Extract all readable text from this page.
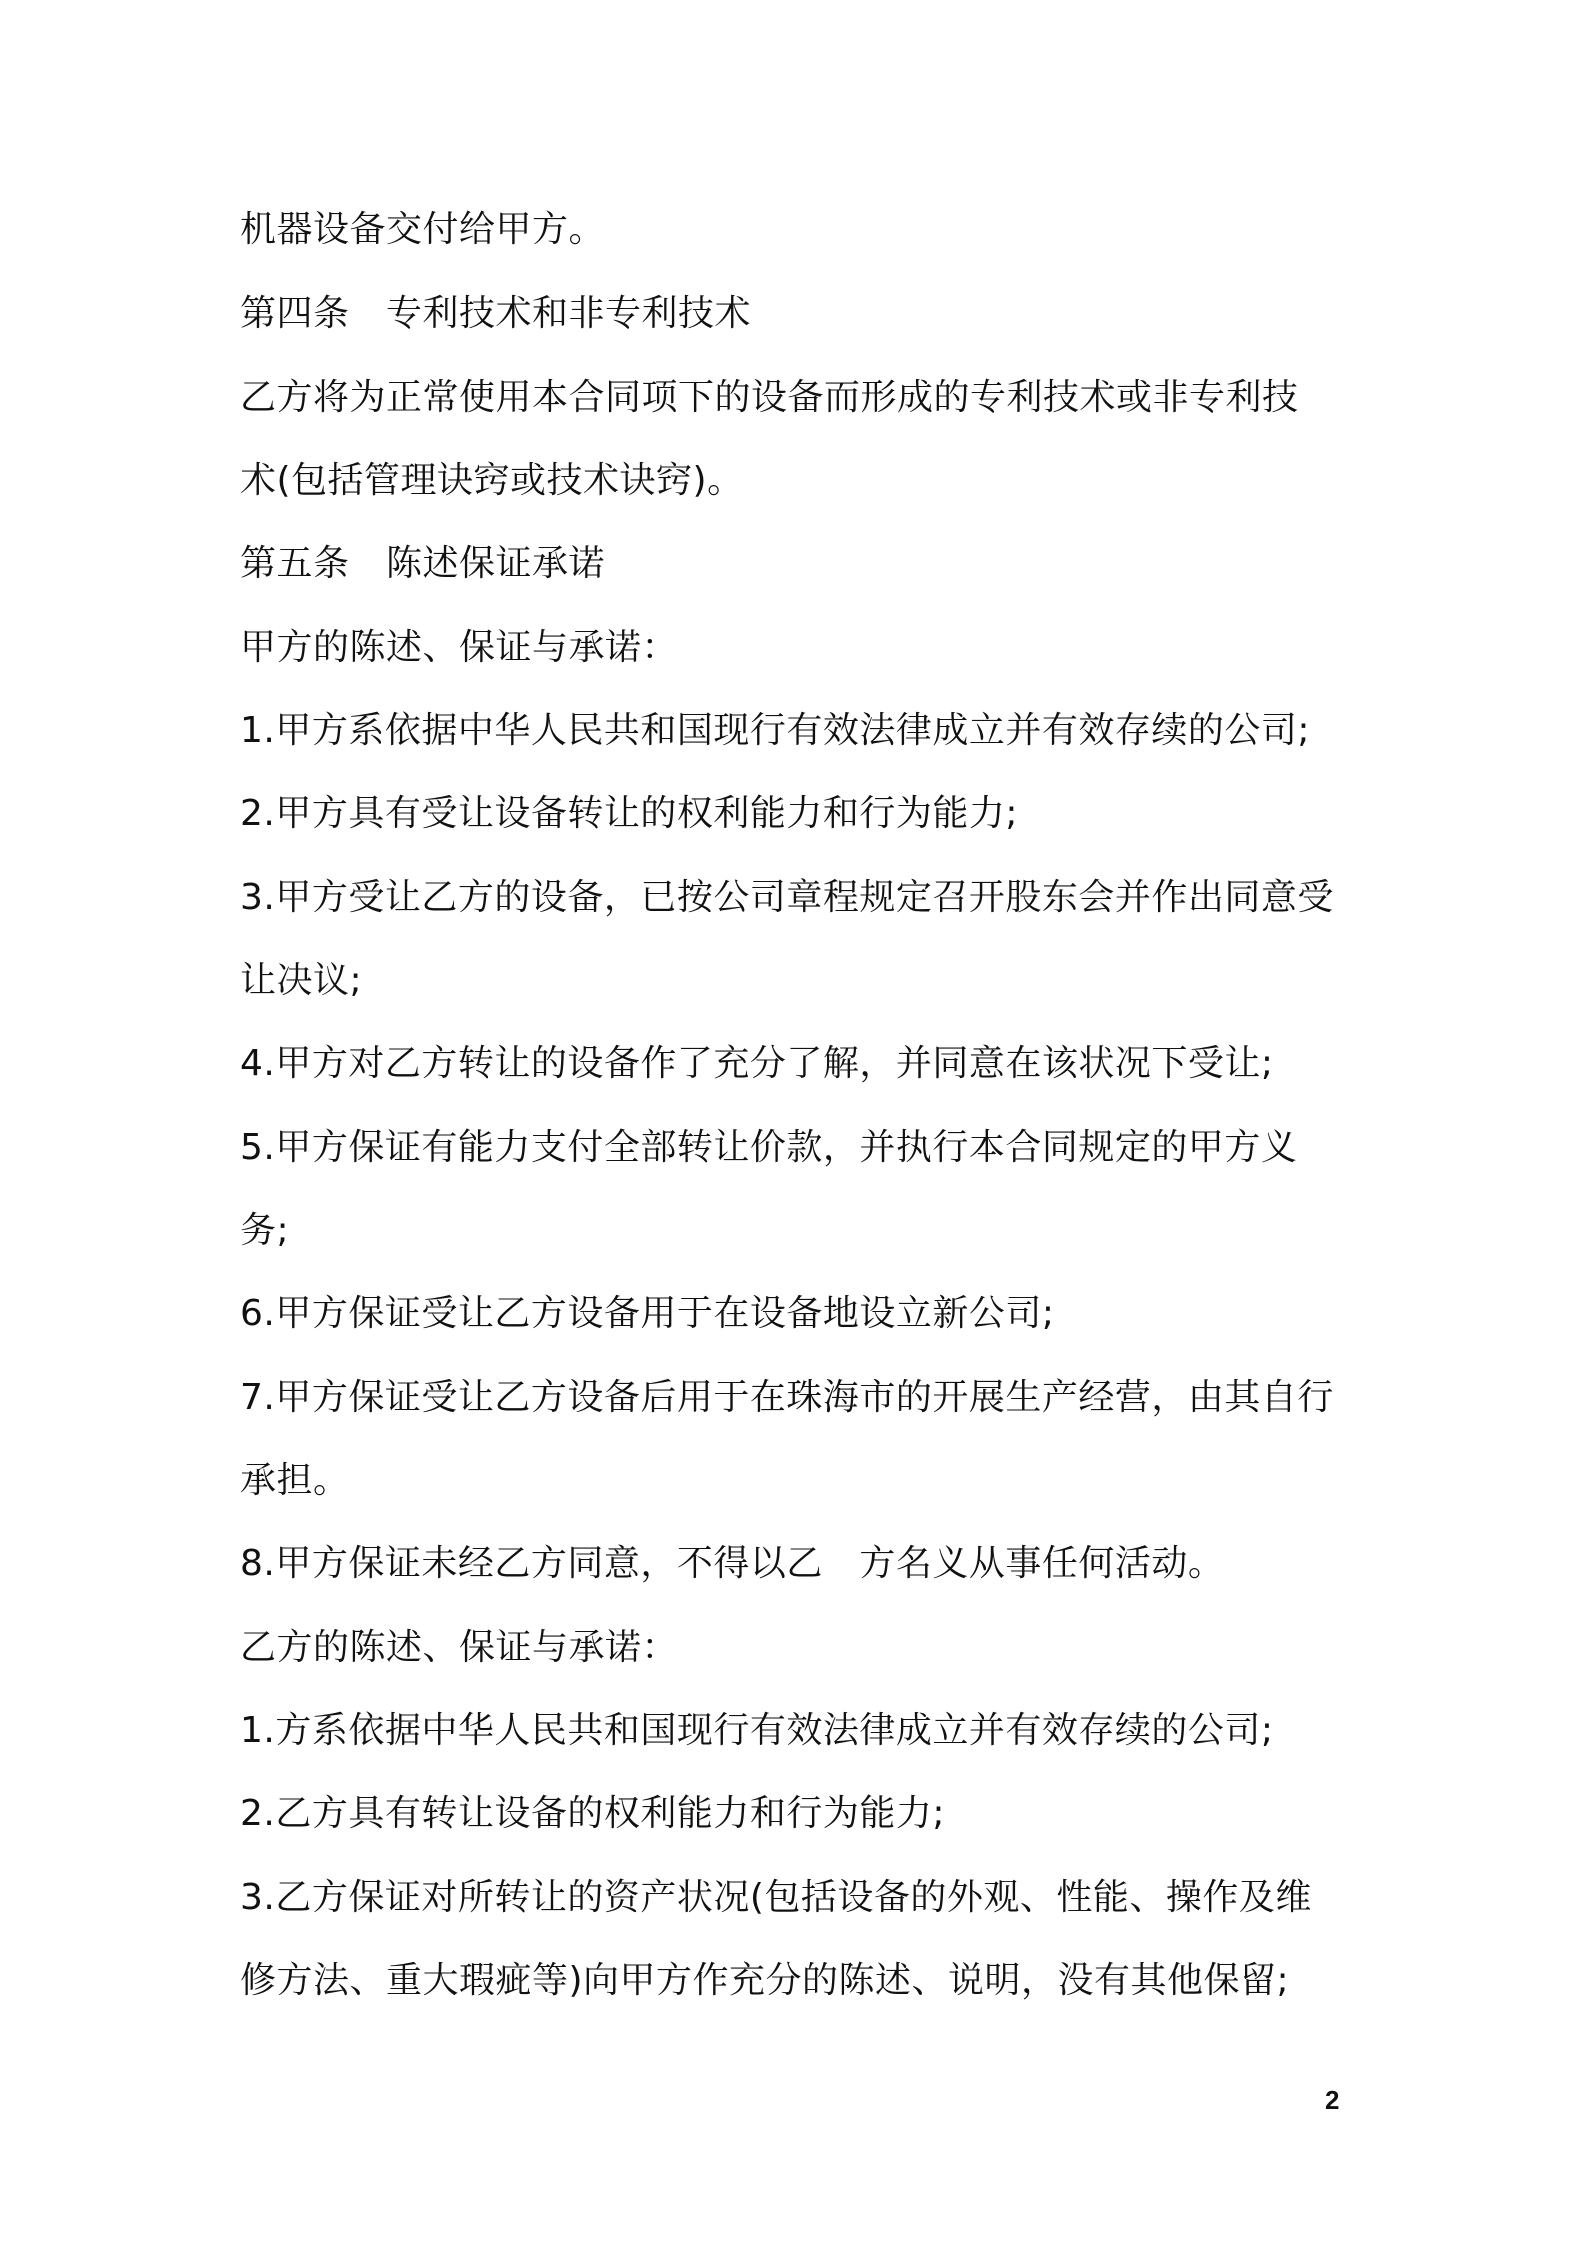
机器设备交付给甲方。
第四条　专利技术和非专利技术
乙方将为正常使用本合同项下的设备而形成的专利技术或非专利技
术(包括管理诀窍或技术诀窍)。
第五条　陈述保证承诺
甲方的陈述、保证与承诺：
1.甲方系依据中华人民共和国现行有效法律成立并有效存续的公司;
2.甲方具有受让设备转让的权利能力和行为能力;
3.甲方受让乙方的设备，已按公司章程规定召开股东会并作出同意受
让决议;
4.甲方对乙方转让的设备作了充分了解，并同意在该状况下受让;
5.甲方保证有能力支付全部转让价款，并执行本合同规定的甲方义
务;
6.甲方保证受让乙方设备用于在设备地设立新公司;
7.甲方保证受让乙方设备后用于在珠海市的开展生产经营，由其自行
承担。
8.甲方保证未经乙方同意，不得以乙　方名义从事任何活动。
乙方的陈述、保证与承诺：
1.方系依据中华人民共和国现行有效法律成立并有效存续的公司;
2.乙方具有转让设备的权利能力和行为能力;
3.乙方保证对所转让的资产状况(包括设备的外观、性能、操作及维
修方法、重大瑕疵等)向甲方作充分的陈述、说明，没有其他保留;
2
